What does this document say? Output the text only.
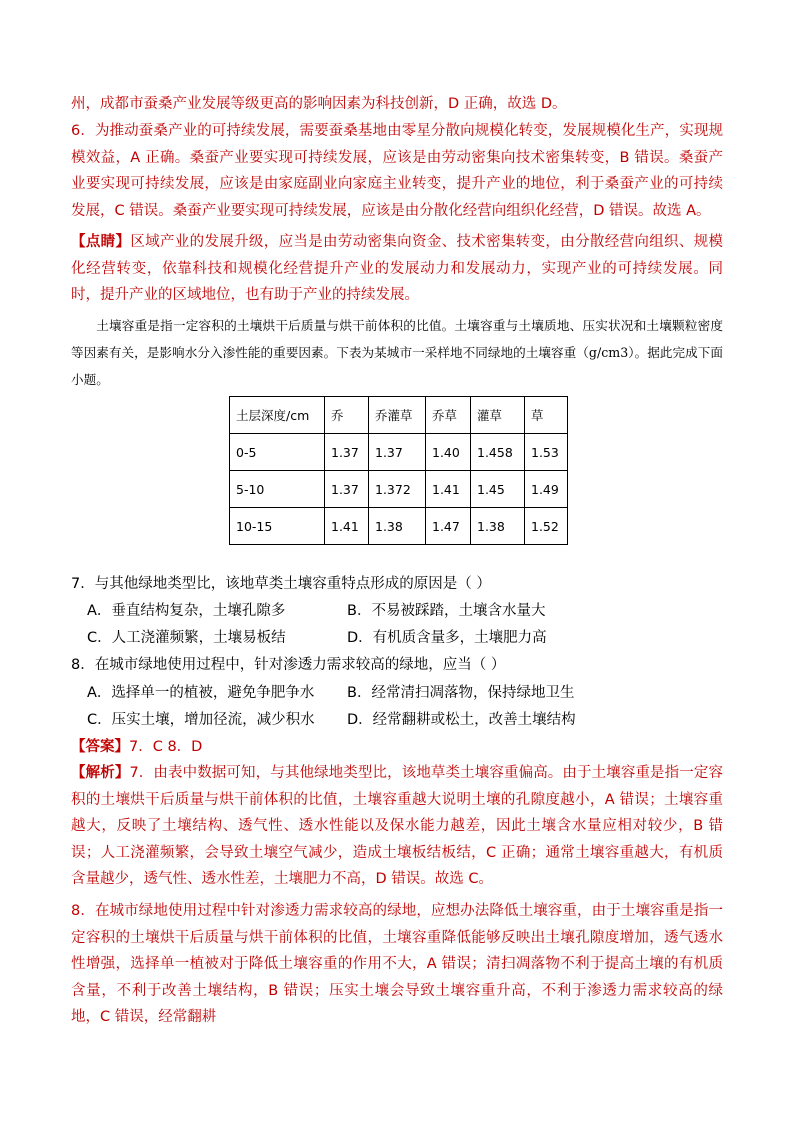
州，成都市蚕桑产业发展等级更高的影响因素为科技创新，D 正确，故选 D。

6．为推动蚕桑产业的可持续发展，需要蚕桑基地由零星分散向规模化转变，发展规模化生产，实现规模效益，A 正确。桑蚕产业要实现可持续发展，应该是由劳动密集向技术密集转变，B 错误。桑蚕产业要实现可持续发展，应该是由家庭副业向家庭主业转变，提升产业的地位，利于桑蚕产业的可持续发展，C 错误。桑蚕产业要实现可持续发展，应该是由分散化经营向组织化经营，D 错误。故选 A。

【点睛】区域产业的发展升级，应当是由劳动密集向资金、技术密集转变，由分散经营向组织、规模化经营转变，依靠科技和规模化经营提升产业的发展动力和发展动力，实现产业的可持续发展。同时，提升产业的区域地位，也有助于产业的持续发展。

土壤容重是指一定容积的土壤烘干后质量与烘干前体积的比值。土壤容重与土壤质地、压实状况和土壤颗粒密度等因素有关，是影响水分入渗性能的重要因素。下表为某城市一采样地不同绿地的土壤容重（g/cm3）。据此完成下面小题。
土层深度/cm	乔	乔灌草	乔草	灌草	草
0-5	1.37	1.37	1.40	1.458	1.53
5-10	1.37	1.372	1.41	1.45	1.49
10-15	1.41	1.38	1.47	1.38	1.52
7．与其他绿地类型比，该地草类土壤容重特点形成的原因是（ ）
A．垂直结构复杂，土壤孔隙多	B．不易被踩踏，土壤含水量大
C．人工浇灌频繁，土壤易板结	D．有机质含量多，土壤肥力高
8．在城市绿地使用过程中，针对渗透力需求较高的绿地，应当（ ）
A．选择单一的植被，避免争肥争水 B．经常清扫凋落物，保持绿地卫生
C．压实土壤，增加径流，减少积水 D．经常翻耕或松土，改善土壤结构
【答案】7．C 8．D

【解析】7．由表中数据可知，与其他绿地类型比，该地草类土壤容重偏高。由于土壤容重是指一定容积的土壤烘干后质量与烘干前体积的比值，土壤容重越大说明土壤的孔隙度越小，A 错误；土壤容重越大，反映了土壤结构、透气性、透水性能以及保水能力越差，因此土壤含水量应相对较少，B 错误；人工浇灌频繁，会导致土壤空气减少，造成土壤板结板结，C 正确；通常土壤容重越大，有机质含量越少，透气性、透水性差，土壤肥力不高，D 错误。故选 C。

8．在城市绿地使用过程中针对渗透力需求较高的绿地，应想办法降低土壤容重，由于土壤容重是指一定容积的土壤烘干后质量与烘干前体积的比值，土壤容重降低能够反映出土壤孔隙度增加，透气透水性增强，选择单一植被对于降低土壤容重的作用不大，A 错误；清扫凋落物不利于提高土壤的有机质含量，不利于改善土壤结构，B 错误；压实土壤会导致土壤容重升高，不利于渗透力需求较高的绿地，C 错误，经常翻耕
